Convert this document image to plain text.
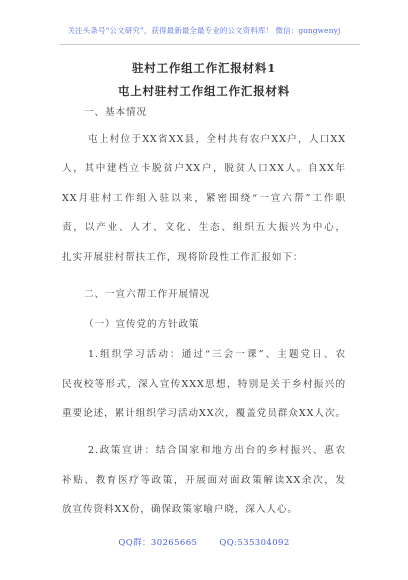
关注头条号“公文研究”，获得最新最全最专业的公文资料库！ 微信：gongwenyj
驻村工作组工作汇报材料1
屯上村驻村工作组工作汇报材料
一、基本情况
屯上村位于XX省XX县，全村共有农户XX户，人口XX
人，其中建档立卡脱贫户XX户，脱贫人口XX人。自XX年
XX月驻村工作组入驻以来，紧密围绕“一宣六帮”工作职
责，以产业、人才、文化、生态、组织五大振兴为中心，
扎实开展驻村帮扶工作，现将阶段性工作汇报如下：
二、一宣六帮工作开展情况
（一）宣传党的方针政策
1.组织学习活动：通过“三会一课”、主题党日、农
民夜校等形式，深入宣传XXX思想，特别是关于乡村振兴的
重要论述，累计组织学习活动XX次，覆盖党员群众XX人次。
2.政策宣讲：结合国家和地方出台的乡村振兴、惠农
补贴、教育医疗等政策，开展面对面政策解读XX余次，发
放宣传资料XX份，确保政策家喻户晓，深入人心。
QQ群：30265665	QQ:535304092
